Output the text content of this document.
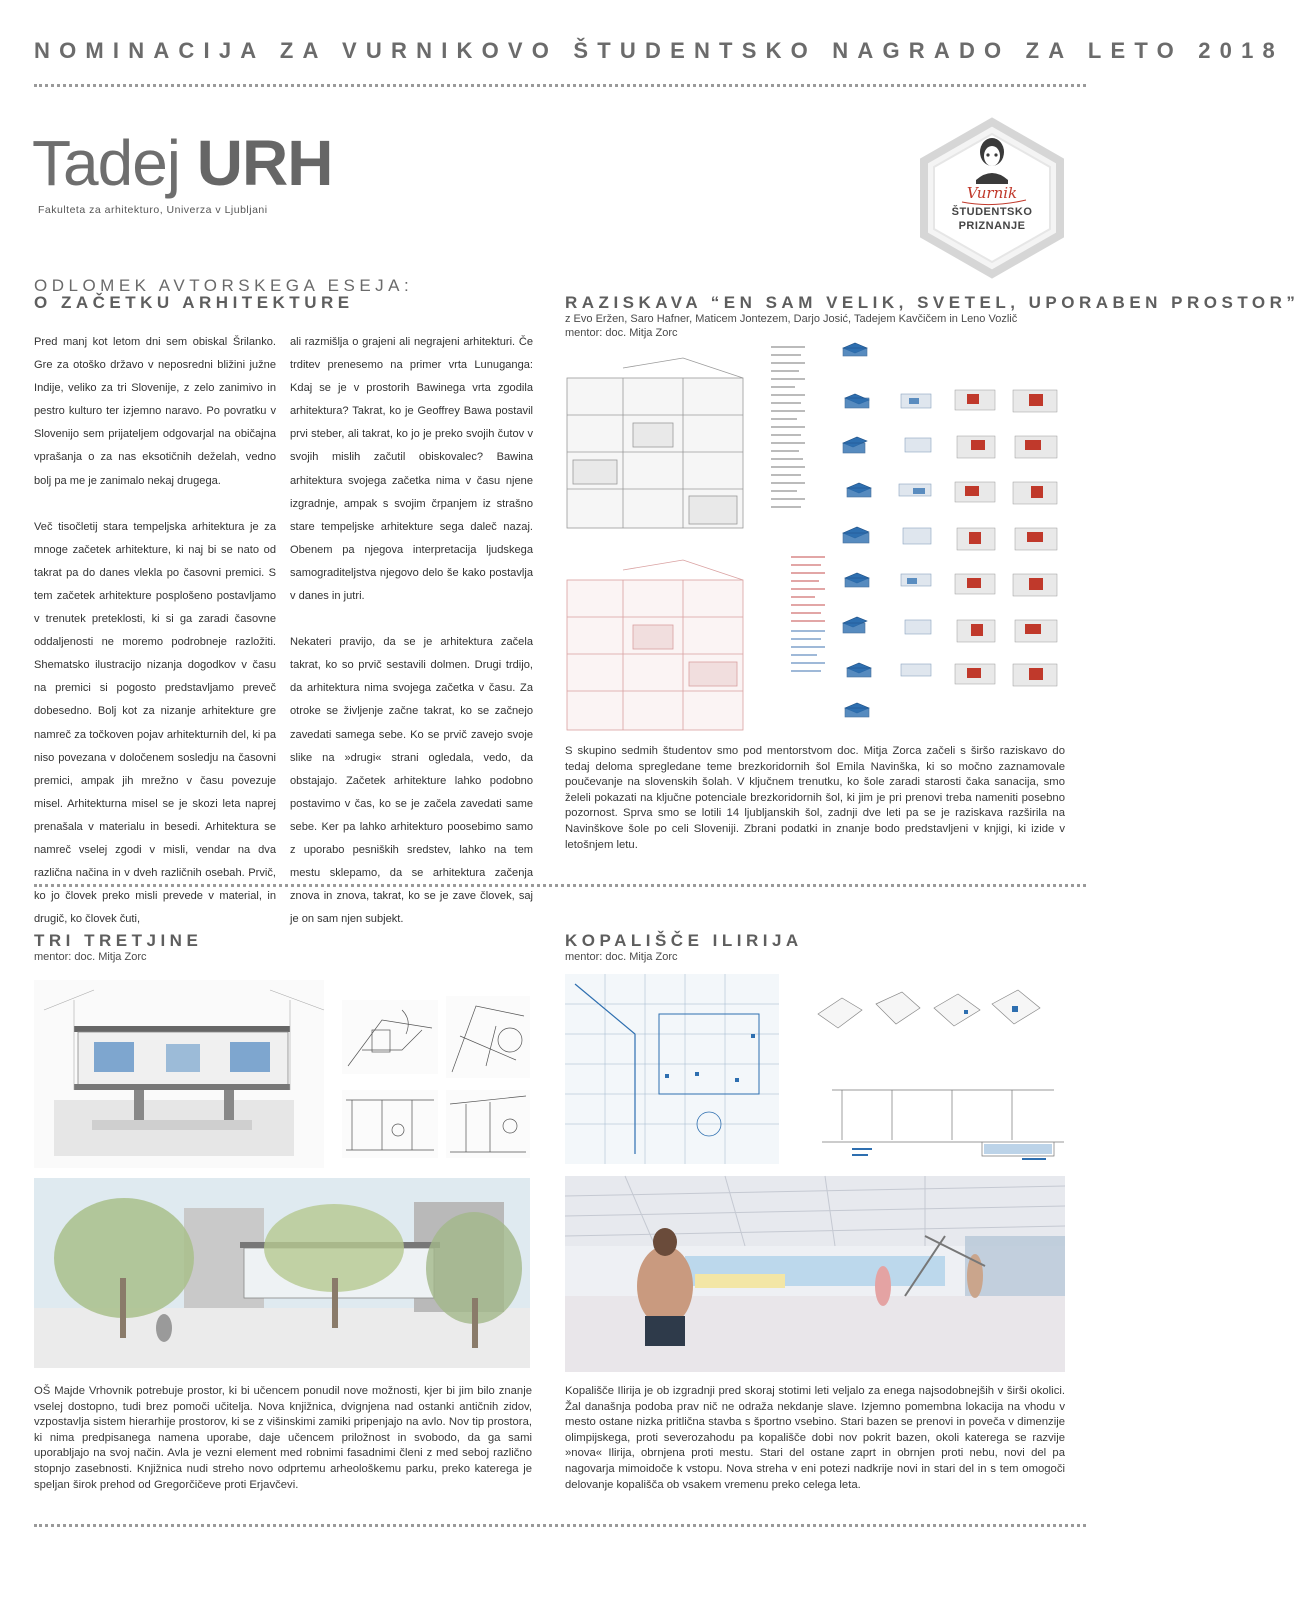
NOMINACIJA ZA VURNIKOVO ŠTUDENTSKO NAGRADO ZA LETO 2018
Tadej URH
Fakulteta za arhitekturo, Univerza v Ljubljani
Vurnik
ŠTUDENTSKO
PRIZNANJE
ODLOMEK AVTORSKEGA ESEJA:
O ZAČETKU ARHITEKTURE

Pred manj kot letom dni sem obiskal Šrilanko. Gre za otoško državo v neposredni bližini južne Indije, veliko za tri Slovenije, z zelo zanimivo in pestro kulturo ter izjemno naravo. Po povratku v Slovenijo sem prijateljem odgovarjal na običajna vprašanja o za nas eksotičnih deželah, vedno bolj pa me je zanimalo nekaj drugega.

Več tisočletij stara tempeljska arhitektura je za mnoge začetek arhitekture, ki naj bi se nato od takrat pa do danes vlekla po časovni premici. S tem začetek arhitekture posplošeno postavljamo v trenutek preteklosti, ki si ga zaradi časovne oddaljenosti ne moremo podrobneje razložiti. Shematsko ilustracijo nizanja dogodkov v času na premici si pogosto predstavljamo preveč dobesedno. Bolj kot za nizanje arhitekture gre namreč za točkoven pojav arhitekturnih del, ki pa niso povezana v določenem sosledju na časovni premici, ampak jih mrežno v času povezuje misel. Arhitekturna misel se je skozi leta naprej prenašala v materialu in besedi. Arhitektura se namreč vselej zgodi v misli, vendar na dva različna načina in v dveh različnih osebah. Prvič, ko jo človek preko misli prevede v material, in drugič, ko človek čuti,

ali razmišlja o grajeni ali negrajeni arhitekturi. Če trditev prenesemo na primer vrta Lunuganga: Kdaj se je v prostorih Bawinega vrta zgodila arhitektura? Takrat, ko je Geoffrey Bawa postavil prvi steber, ali takrat, ko jo je preko svojih čutov v svojih mislih začutil obiskovalec? Bawina arhitektura svojega začetka nima v času njene izgradnje, ampak s svojim črpanjem iz strašno stare tempeljske arhitekture sega daleč nazaj. Obenem pa njegova interpretacija ljudskega samograditeljstva njegovo delo še kako postavlja v danes in jutri.

Nekateri pravijo, da se je arhitektura začela takrat, ko so prvič sestavili dolmen. Drugi trdijo, da arhitektura nima svojega začetka v času. Za otroke se življenje začne takrat, ko se začnejo zavedati samega sebe. Ko se prvič zavejo svoje slike na »drugi« strani ogledala, vedo, da obstajajo. Začetek arhitekture lahko podobno postavimo v čas, ko se je začela zavedati same sebe. Ker pa lahko arhitekturo poosebimo samo z uporabo pesniških sredstev, lahko na tem mestu sklepamo, da se arhitektura začenja znova in znova, takrat, ko se je zave človek, saj je on sam njen subjekt.

RAZISKAVA “EN SAM VELIK, SVETEL, UPORABEN PROSTOR”
z Evo Eržen, Saro Hafner, Maticem Jontezem, Darjo Josić, Tadejem Kavčičem in Leno Vozlič
mentor: doc. Mitja Zorc
S skupino sedmih študentov smo pod mentorstvom doc. Mitja Zorca začeli s širšo raziskavo do tedaj deloma spregledane teme brezkoridornih šol Emila Navinška, ki so močno zaznamovale poučevanje na slovenskih šolah. V ključnem trenutku, ko šole zaradi starosti čaka sanacija, smo želeli pokazati na ključne potenciale brezkoridornih šol, ki jim je pri prenovi treba nameniti posebno pozornost. Sprva smo se lotili 14 ljubljanskih šol, zadnji dve leti pa se je raziskava razširila na Navinškove šole po celi Sloveniji. Zbrani podatki in znanje bodo predstavljeni v knjigi, ki izide v letošnjem letu.
TRI TRETJINE
mentor: doc. Mitja Zorc
OŠ Majde Vrhovnik potrebuje prostor, ki bi učencem ponudil nove možnosti, kjer bi jim bilo znanje vselej dostopno, tudi brez pomoči učitelja. Nova knjižnica, dvignjena nad ostanki antičnih zidov, vzpostavlja sistem hierarhije prostorov, ki se z višinskimi zamiki pripenjajo na avlo. Nov tip prostora, ki nima predpisanega namena uporabe, daje učencem priložnost in svobodo, da ga sami uporabljajo na svoj način. Avla je vezni element med robnimi fasadnimi členi z med seboj različno stopnjo zasebnosti. Knjižnica nudi streho novo odprtemu arheološkemu parku, preko katerega je speljan širok prehod od Gregorčičeve proti Erjavčevi.
KOPALIŠČE ILIRIJA
mentor: doc. Mitja Zorc
Kopališče Ilirija je ob izgradnji pred skoraj stotimi leti veljalo za enega najsodobnejših v širši okolici. Žal današnja podoba prav nič ne odraža nekdanje slave. Izjemno pomembna lokacija na vhodu v mesto ostane nizka pritlična stavba s športno vsebino. Stari bazen se prenovi in poveča v dimenzije olimpijskega, proti severozahodu pa kopališče dobi nov pokrit bazen, okoli katerega se razvije »nova« Ilirija, obrnjena proti mestu. Stari del ostane zaprt in obrnjen proti nebu, novi del pa nagovarja mimoidoče k vstopu. Nova streha v eni potezi nadkrije novi in stari del in s tem omogoči delovanje kopališča ob vsakem vremenu preko celega leta.
